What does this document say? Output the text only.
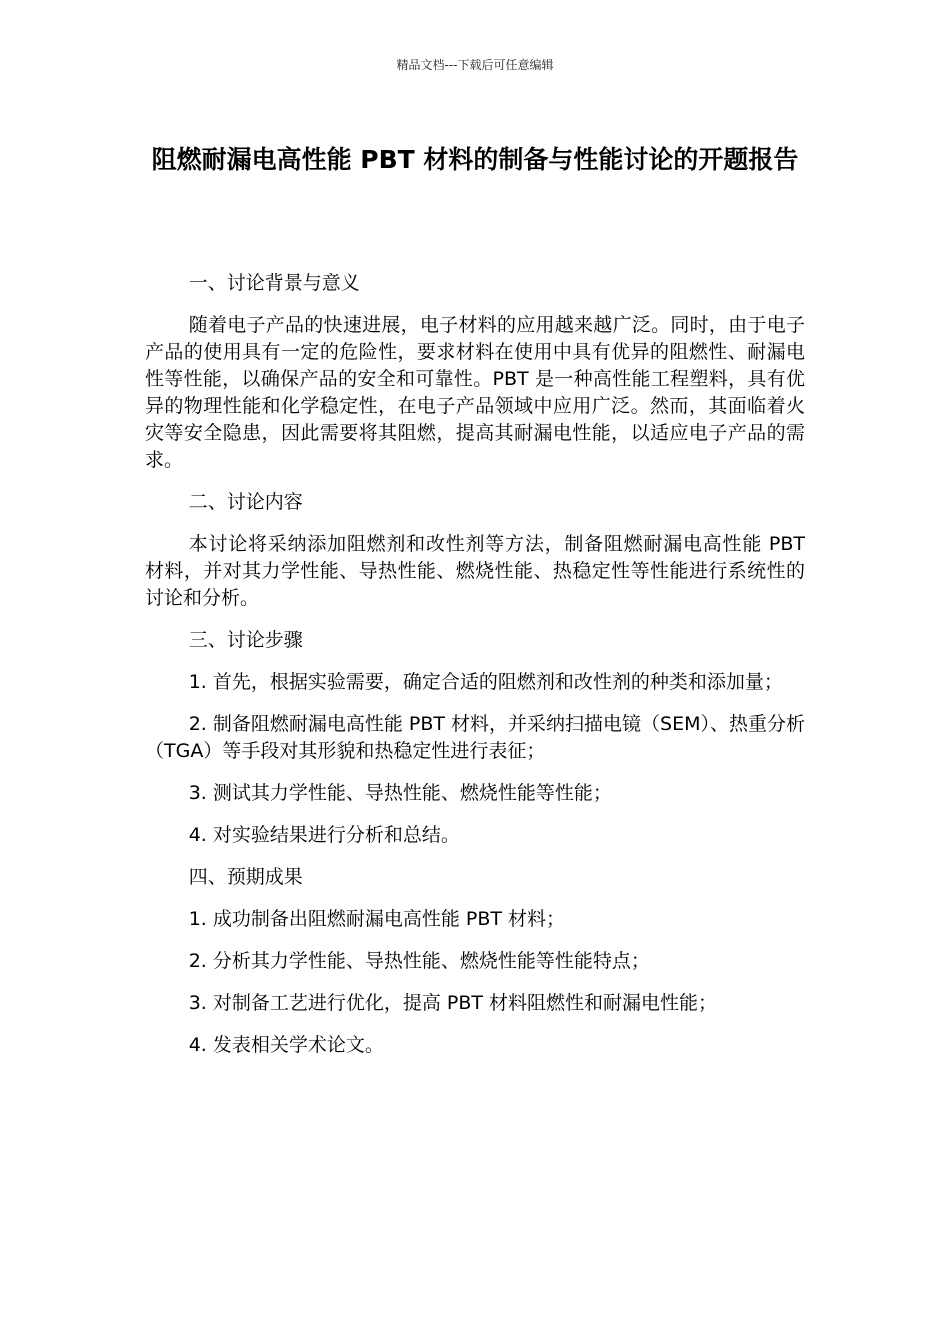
精品文档---下载后可任意编辑
阻燃耐漏电高性能 PBT 材料的制备与性能讨论的开题报告

一、讨论背景与意义

随着电子产品的快速进展，电子材料的应用越来越广泛。同时，由于电子产品的使用具有一定的危险性，要求材料在使用中具有优异的阻燃性、耐漏电性等性能，以确保产品的安全和可靠性。PBT 是一种高性能工程塑料，具有优异的物理性能和化学稳定性，在电子产品领域中应用广泛。然而，其面临着火灾等安全隐患，因此需要将其阻燃，提高其耐漏电性能，以适应电子产品的需求。

二、讨论内容

本讨论将采纳添加阻燃剂和改性剂等方法，制备阻燃耐漏电高性能 PBT 材料，并对其力学性能、导热性能、燃烧性能、热稳定性等性能进行系统性的讨论和分析。

三、讨论步骤

1. 首先，根据实验需要，确定合适的阻燃剂和改性剂的种类和添加量；

2. 制备阻燃耐漏电高性能 PBT 材料，并采纳扫描电镜（SEM）、热重分析（TGA）等手段对其形貌和热稳定性进行表征；

3. 测试其力学性能、导热性能、燃烧性能等性能；

4. 对实验结果进行分析和总结。

四、预期成果

1. 成功制备出阻燃耐漏电高性能 PBT 材料；

2. 分析其力学性能、导热性能、燃烧性能等性能特点；

3. 对制备工艺进行优化，提高 PBT 材料阻燃性和耐漏电性能；

4. 发表相关学术论文。
